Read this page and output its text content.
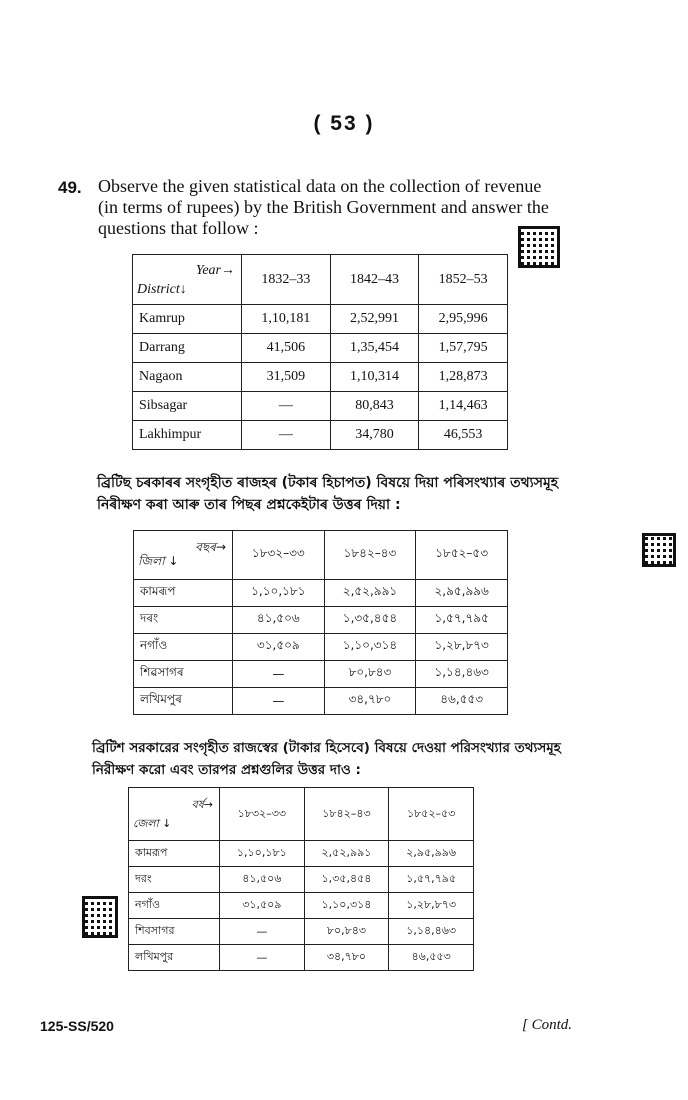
( 53 )
49. Observe the given statistical data on the collection of revenue
(in terms of rupees) by the British Government and answer the
questions that follow :
Year→
District↓	1832–33	1842–43	1852–53
Kamrup	1,10,181	2,52,991	2,95,996
Darrang	41,506	1,35,454	1,57,795
Nagaon	31,509	1,10,314	1,28,873
Sibsagar	—	80,843	1,14,463
Lakhimpur	—	34,780	46,553
ব্ৰিটিছ চৰকাৰৰ সংগৃহীত ৰাজহৰ (টকাৰ হিচাপত) বিষয়ে দিয়া পৰিসংখ্যাৰ তথ্যসমূহ
নিৰীক্ষণ কৰা আৰু তাৰ পিছৰ প্ৰশ্নকেইটাৰ উত্তৰ দিয়া :
বছৰ→
জিলা ↓	১৮৩২–৩৩	১৮৪২–৪৩	১৮৫২–৫৩
কামৰূপ	১,১০,১৮১	২,৫২,৯৯১	২,৯৫,৯৯৬
দৰং	৪১,৫০৬	১,৩৫,৪৫৪	১,৫৭,৭৯৫
নগাঁও	৩১,৫০৯	১,১০,৩১৪	১,২৮,৮৭৩
শিৱসাগৰ	—	৮০,৮৪৩	১,১৪,৪৬৩
লখিমপুৰ	—	৩৪,৭৮০	৪৬,৫৫৩
ব্রিটিশ সরকারের সংগৃহীত রাজস্বের (টাকার হিসেবে) বিষয়ে দেওয়া পরিসংখ্যার তথ্যসমূহ
নিরীক্ষণ করো এবং তারপর প্রশ্নগুলির উত্তর দাও :
বর্ষ→
জেলা ↓	১৮৩২–৩৩	১৮৪২–৪৩	১৮৫২–৫৩
কামরূপ	১,১০,১৮১	২,৫২,৯৯১	২,৯৫,৯৯৬
দরং	৪১,৫০৬	১,৩৫,৪৫৪	১,৫৭,৭৯৫
নগাঁও	৩১,৫০৯	১,১০,৩১৪	১,২৮,৮৭৩
শিবসাগর	—	৮০,৮৪৩	১,১৪,৪৬৩
লখিমপুর	—	৩৪,৭৮০	৪৬,৫৫৩
125-SS/520	[ Contd.
